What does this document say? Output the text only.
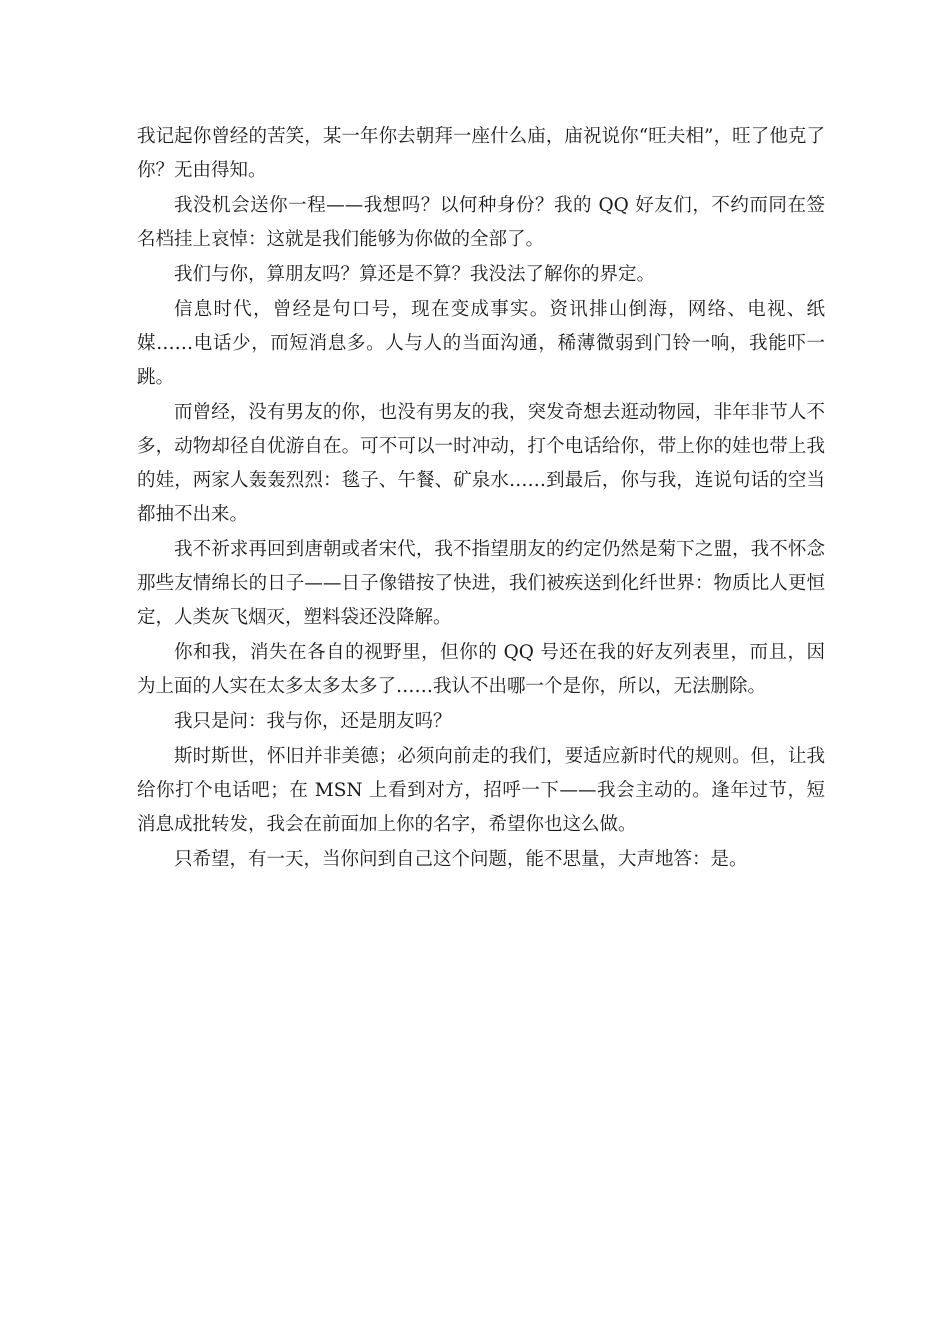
我记起你曾经的苦笑，某一年你去朝拜一座什么庙，庙祝说你“旺夫相”，旺了他克了你？无由得知。

我没机会送你一程——我想吗？以何种身份？我的 QQ 好友们，不约而同在签名档挂上哀悼：这就是我们能够为你做的全部了。

我们与你，算朋友吗？算还是不算？我没法了解你的界定。

信息时代，曾经是句口号，现在变成事实。资讯排山倒海，网络、电视、纸媒……电话少，而短消息多。人与人的当面沟通，稀薄微弱到门铃一响，我能吓一跳。

而曾经，没有男友的你，也没有男友的我，突发奇想去逛动物园，非年非节人不多，动物却径自优游自在。可不可以一时冲动，打个电话给你，带上你的娃也带上我的娃，两家人轰轰烈烈：毯子、午餐、矿泉水……到最后，你与我，连说句话的空当都抽不出来。

我不祈求再回到唐朝或者宋代，我不指望朋友的约定仍然是菊下之盟，我不怀念那些友情绵长的日子——日子像错按了快进，我们被疾送到化纤世界：物质比人更恒定，人类灰飞烟灭，塑料袋还没降解。

你和我，消失在各自的视野里，但你的 QQ 号还在我的好友列表里，而且，因为上面的人实在太多太多太多了……我认不出哪一个是你，所以，无法删除。

我只是问：我与你，还是朋友吗？

斯时斯世，怀旧并非美德；必须向前走的我们，要适应新时代的规则。但，让我给你打个电话吧；在 MSN 上看到对方，招呼一下——我会主动的。逢年过节，短消息成批转发，我会在前面加上你的名字，希望你也这么做。

只希望，有一天，当你问到自己这个问题，能不思量，大声地答：是。
